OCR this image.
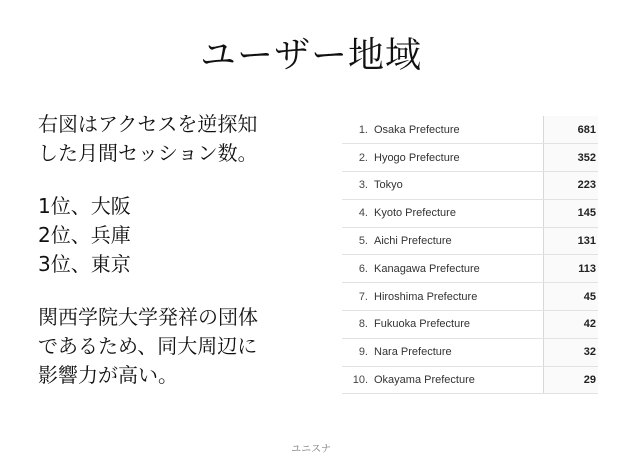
ユーザー地域
右図はアクセスを逆探知
した月間セッション数。
1位、大阪
2位、兵庫
3位、東京
関西学院大学発祥の団体
であるため、同大周辺に
影響力が高い。
1.	Osaka Prefecture	681
2.	Hyogo Prefecture	352
3.	Tokyo	223
4.	Kyoto Prefecture	145
5.	Aichi Prefecture	131
6.	Kanagawa Prefecture	113
7.	Hiroshima Prefecture	45
8.	Fukuoka Prefecture	42
9.	Nara Prefecture	32
10.	Okayama Prefecture	29
ユニスナ
